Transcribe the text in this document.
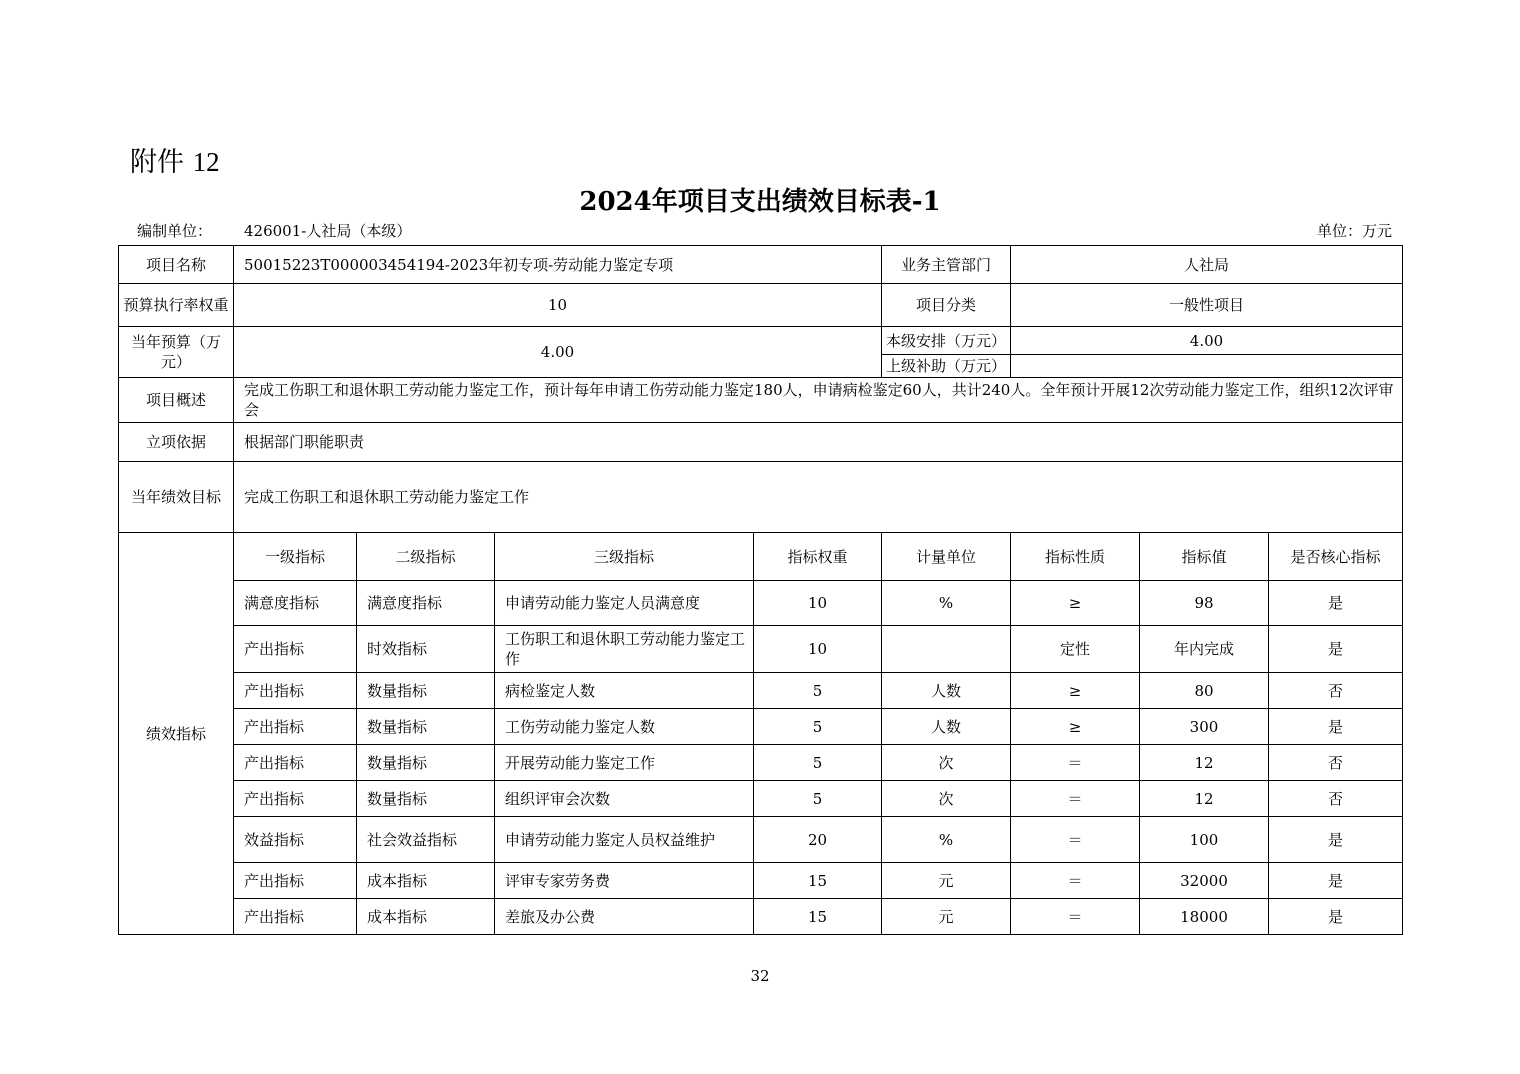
附件 12
2024年项目支出绩效目标表-1
编制单位： 426001-人社局（本级）	单位：万元
项目名称	50015223T000003454194-2023年初专项-劳动能力鉴定专项				业务主管部门	人社局		
预算执行率权重	10				项目分类	一般性项目		
当年预算（万元）	4.00				本级安排（万元）	4.00		
					上级补助（万元）			
项目概述	完成工伤职工和退休职工劳动能力鉴定工作，预计每年申请工伤劳动能力鉴定180人，申请病检鉴定60人，共计240人。全年预计开展12次劳动能力鉴定工作，组织12次评审会							
立项依据	根据部门职能职责							
当年绩效目标	完成工伤职工和退休职工劳动能力鉴定工作							
绩效指标	一级指标	二级指标	三级指标	指标权重	计量单位	指标性质	指标值	是否核心指标
	满意度指标	满意度指标	申请劳动能力鉴定人员满意度	10	%	≥	98	是
	产出指标	时效指标	工伤职工和退休职工劳动能力鉴定工作	10		定性	年内完成	是
	产出指标	数量指标	病检鉴定人数	5	人数	≥	80	否
	产出指标	数量指标	工伤劳动能力鉴定人数	5	人数	≥	300	是
	产出指标	数量指标	开展劳动能力鉴定工作	5	次	＝	12	否
	产出指标	数量指标	组织评审会次数	5	次	＝	12	否
	效益指标	社会效益指标	申请劳动能力鉴定人员权益维护	20	%	＝	100	是
	产出指标	成本指标	评审专家劳务费	15	元	＝	32000	是
	产出指标	成本指标	差旅及办公费	15	元	＝	18000	是
32
